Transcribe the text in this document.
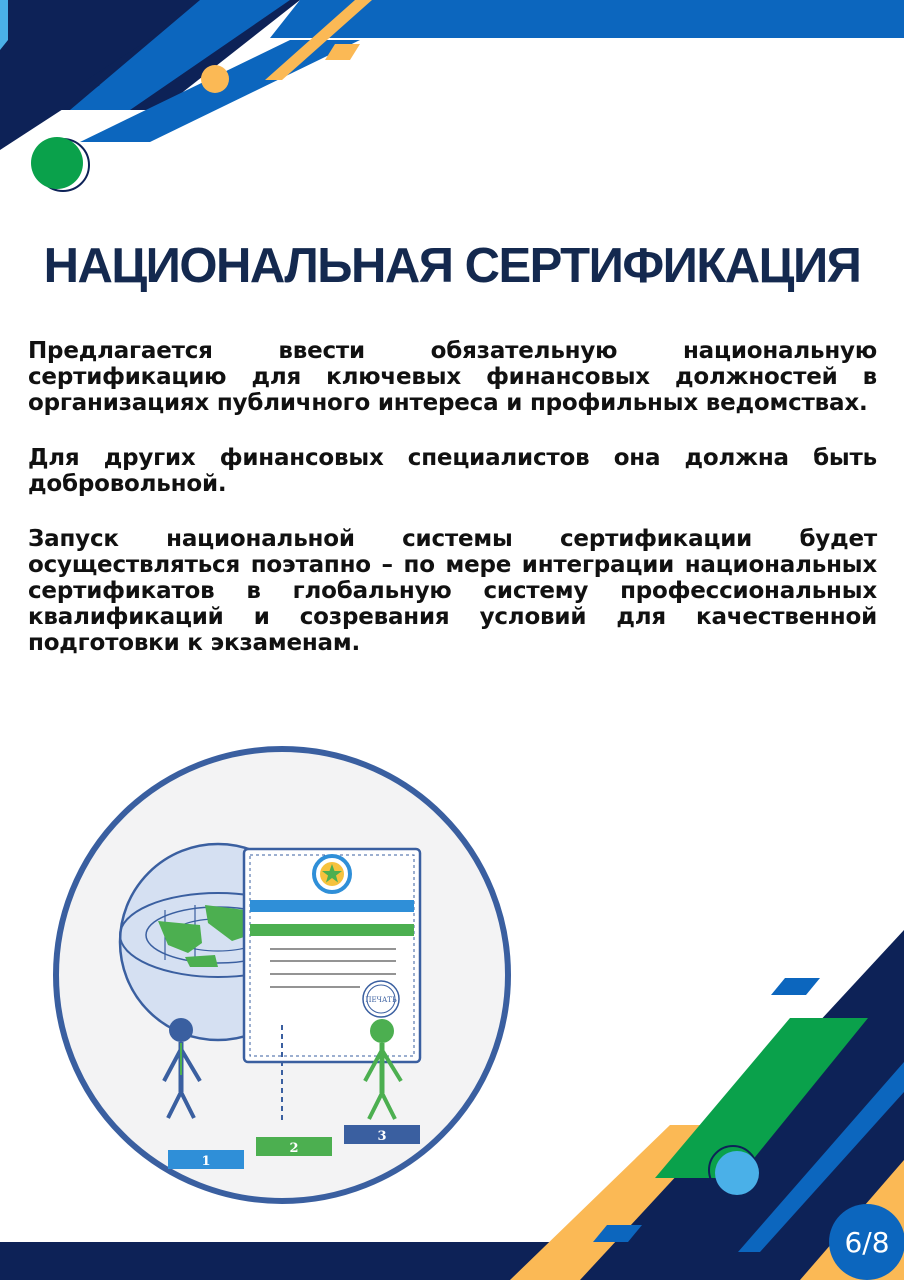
НАЦИОНАЛЬНАЯ СЕРТИФИКАЦИЯ

Предлагается ввести обязательную национальную сертификацию для ключевых финансовых должностей в организациях публичного интереса и профильных ведомствах.

Для других финансовых специалистов она должна быть добровольной.

Запуск национальной системы сертификации будет осуществляться поэтапно – по мере интеграции национальных сертификатов в глобальную систему профессиональных квалификаций и созревания условий для качественной подготовки к экзаменам.

ПЕЧАТЬ
1
2
3
6/8
